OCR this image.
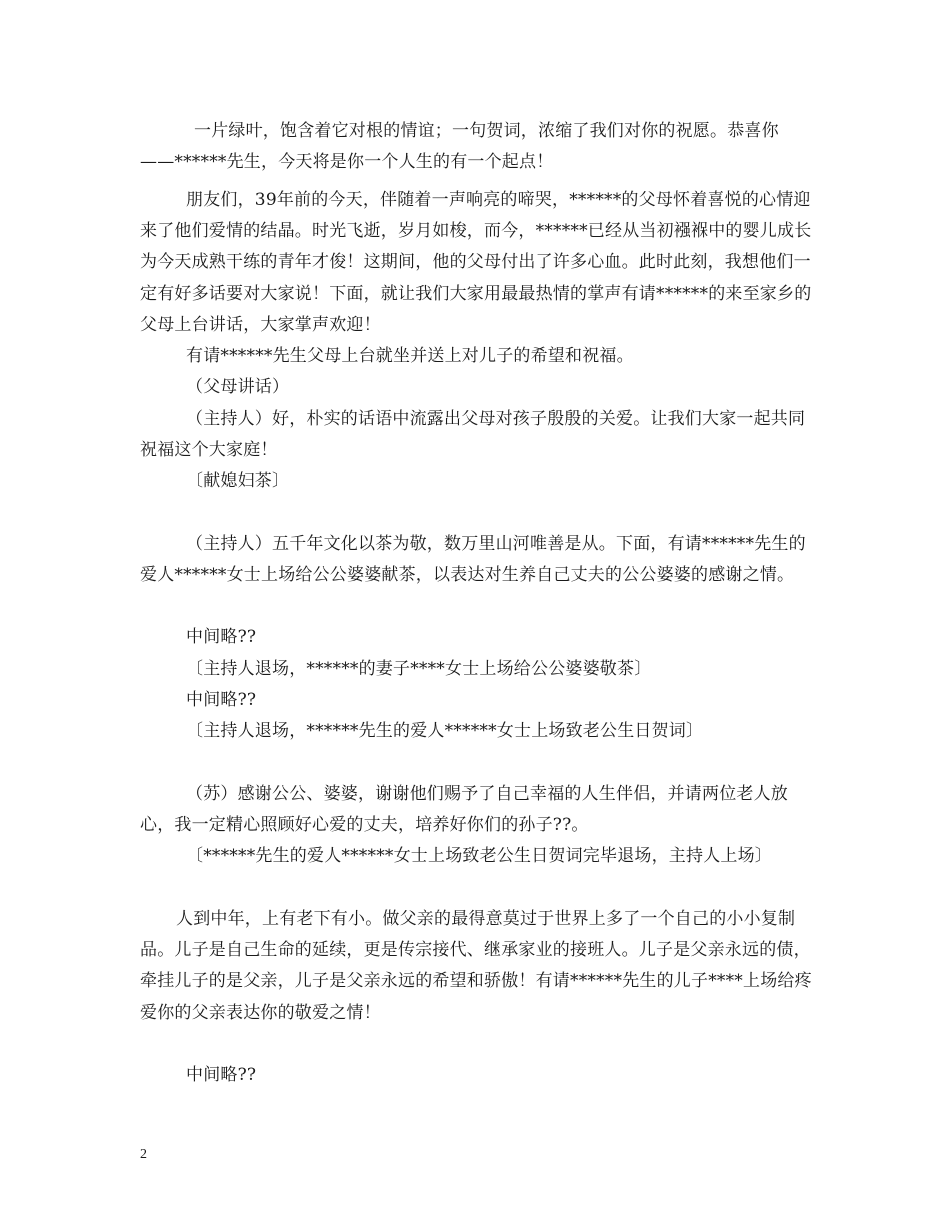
一片绿叶，饱含着它对根的情谊；一句贺词，浓缩了我们对你的祝愿。恭喜你——******先生，今天将是你一个人生的有一个起点！

朋友们，39年前的今天，伴随着一声响亮的啼哭，******的父母怀着喜悦的心情迎来了他们爱情的结晶。时光飞逝，岁月如梭，而今，******已经从当初襁褓中的婴儿成长为今天成熟干练的青年才俊！这期间，他的父母付出了许多心血。此时此刻，我想他们一定有好多话要对大家说！下面，就让我们大家用最最热情的掌声有请******的来至家乡的父母上台讲话，大家掌声欢迎！

有请******先生父母上台就坐并送上对儿子的希望和祝福。

（父母讲话）

（主持人）好，朴实的话语中流露出父母对孩子殷殷的关爱。让我们大家一起共同祝福这个大家庭！

〔献媳妇茶〕

（主持人）五千年文化以茶为敬，数万里山河唯善是从。下面，有请******先生的爱人******女士上场给公公婆婆献茶，以表达对生养自己丈夫的公公婆婆的感谢之情。

中间略??

〔主持人退场，******的妻子****女士上场给公公婆婆敬茶〕

中间略??

〔主持人退场，******先生的爱人******女士上场致老公生日贺词〕

（苏）感谢公公、婆婆，谢谢他们赐予了自己幸福的人生伴侣，并请两位老人放心，我一定精心照顾好心爱的丈夫，培养好你们的孙子??。

〔******先生的爱人******女士上场致老公生日贺词完毕退场，主持人上场〕

人到中年，上有老下有小。做父亲的最得意莫过于世界上多了一个自己的小小复制品。儿子是自己生命的延续，更是传宗接代、继承家业的接班人。儿子是父亲永远的债，牵挂儿子的是父亲，儿子是父亲永远的希望和骄傲！有请******先生的儿子****上场给疼爱你的父亲表达你的敬爱之情！

中间略??

2
